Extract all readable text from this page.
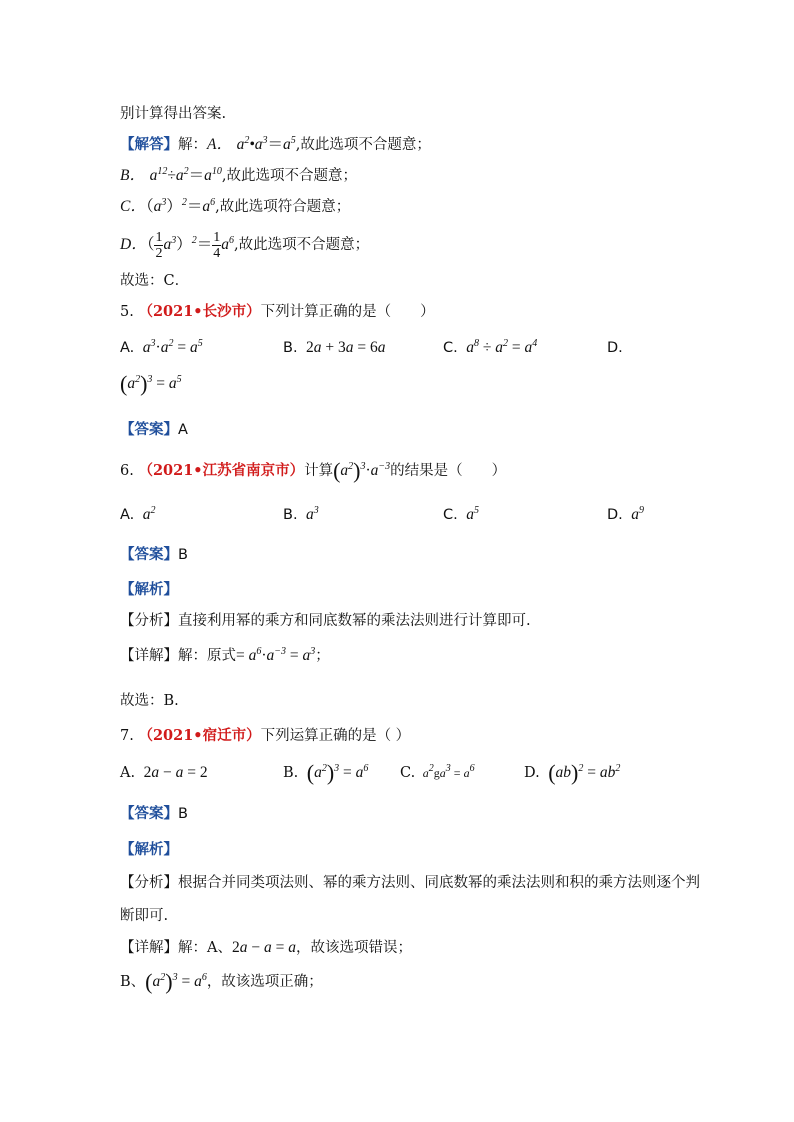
别计算得出答案.
【解答】解：A． $a^2•a^3=a^5$,故此选项不合题意；
B． $a^{12}\div a^2=a^{10}$,故此选项不合题意；
C．$(a^3)^2=a^6$,故此选项符合题意；
D．（ $\frac{1}{2} a^3)^2= \frac{1}{4} a^6$,故此选项不合题意；
故选：C．
5. （2021•长沙市）下列计算正确的是（　　）
A.  $a^3\cdot a^2 = a^5$	B. 2a + 3a = 6a	C.  $a^8 \div a^2 = a^4$	D.
$(a^2)^3 = a^5$
【答案】A
6. （2021•江苏省南京市）计算$(a^2)^3\cdot a^{-3}$的结果是（　　）
A.  $a^2$	B.  $a^3$	C.  $a^5$	D.  $a^9$
【答案】B
【解析】
【分析】直接利用幂的乘方和同底数幂的乘法法则进行计算即可.
【详解】解：原式= $a^6\cdot a^{-3} = a^3$；
故选：B.
7. （2021•宿迁市）下列运算正确的是（ ）
A. 2a − a = 2	B. $(a^2)^3 = a^6$ C.  $a^2ga^3 = a^6$	D. $(ab)^2 = ab^2$
【答案】B
【解析】
【分析】根据合并同类项法则、幂的乘方法则、同底数幂的乘法法则和积的乘方法则逐个判
断即可.
【详解】解：A、2a − a = a，故该选项错误；
B、$(a^2)^3 = a^6$，故该选项正确；
